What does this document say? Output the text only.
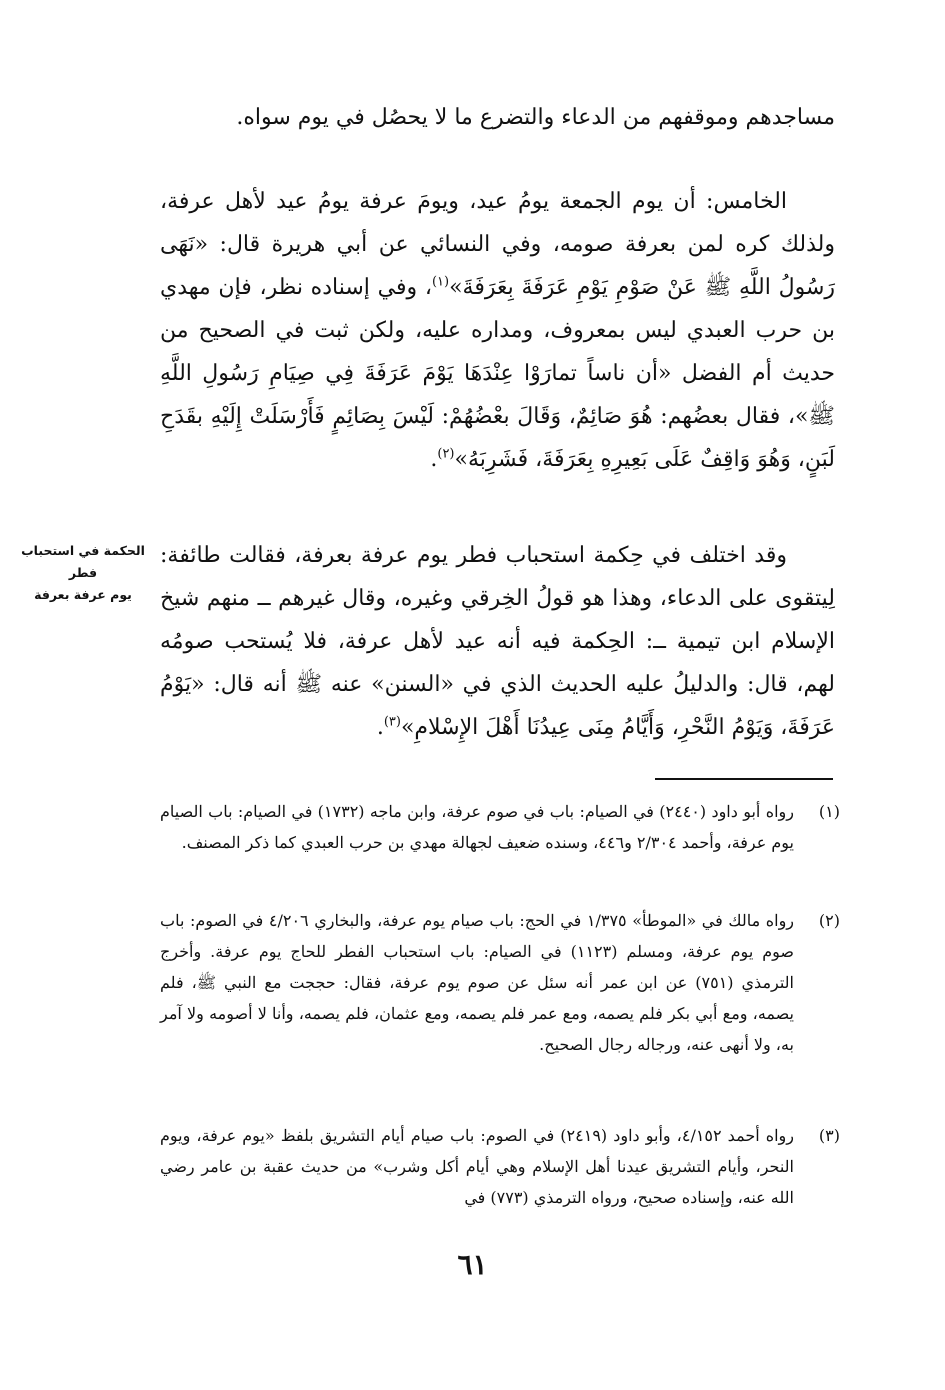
مساجدهم وموقفهم من الدعاء والتضرع ما لا يحصُل في يوم سواه.

الخامس: أن يوم الجمعة يومُ عيد، ويومَ عرفة يومُ عيد لأهل عرفة، ولذلك كره لمن بعرفة صومه، وفي النسائي عن أبي هريرة قال: «نَهَى رَسُولُ اللَّهِ ﷺ عَنْ صَوْمِ يَوْمِ عَرَفَةَ بِعَرَفَةَ»$^{(١)}$، وفي إسناده نظر، فإن مهدي بن حرب العبدي ليس بمعروف، ومداره عليه، ولكن ثبت في الصحيح من حديث أم الفضل «أن ناساً تمارَوْا عِنْدَهَا يَوْمَ عَرَفَةَ فِي صِيَامِ رَسُولِ اللَّهِ ﷺ»، فقال بعضُهم: هُوَ صَائِمٌ، وَقَالَ بعْضُهُمْ: لَيْسَ بِصَائِمٍ فَأَرْسَلَتْ إِلَيْهِ بقَدَحِ لَبَنٍ، وَهُوَ وَاقِفٌ عَلَى بَعِيرِهِ بِعَرَفَةَ، فَشَرِبَهُ»$^{(٢)}$.

الحكمة في استحباب فطر
يوم عرفة بعرفة

وقد اختلف في حِكمة استحباب فطر يوم عرفة بعرفة، فقالت طائفة: لِيتقوى على الدعاء، وهذا هو قولُ الخِرقي وغيره، وقال غيرهم ــ منهم شيخ الإسلام ابن تيمية ــ: الحِكمة فيه أنه عيد لأهل عرفة، فلا يُستحب صومُه لهم، قال: والدليلُ عليه الحديث الذي في «السنن» عنه ﷺ أنه قال: «يَوْمُ عَرَفَةَ، وَيَوْمُ النَّحْرِ، وَأَيَّامُ مِنَى عِيدُنَا أَهْلَ الإِسْلامِ»$^{(٣)}$.

(١)

رواه أبو داود (٢٤٤٠) في الصيام: باب في صوم عرفة، وابن ماجه (١٧٣٢) في الصيام: باب الصيام يوم عرفة، وأحمد ٢/٣٠٤ و٤٤٦، وسنده ضعيف لجهالة مهدي بن حرب العبدي كما ذكر المصنف.

(٢)

رواه مالك في «الموطأ» ١/٣٧٥ في الحج: باب صيام يوم عرفة، والبخاري ٤/٢٠٦ في الصوم: باب صوم يوم عرفة، ومسلم (١١٢٣) في الصيام: باب استحباب الفطر للحاج يوم عرفة. وأخرج الترمذي (٧٥١) عن ابن عمر أنه سئل عن صوم يوم عرفة، فقال: حججت مع النبي ﷺ، فلم يصمه، ومع أبي بكر فلم يصمه، ومع عمر فلم يصمه، ومع عثمان، فلم يصمه، وأنا لا أصومه ولا آمر به، ولا أنهى عنه، ورجاله رجال الصحيح.

(٣)

رواه أحمد ٤/١٥٢، وأبو داود (٢٤١٩) في الصوم: باب صيام أيام التشريق بلفظ «يوم عرفة، ويوم النحر، وأيام التشريق عيدنا أهل الإسلام وهي أيام أكل وشرب» من حديث عقبة بن عامر رضي الله عنه، وإسناده صحيح، ورواه الترمذي (٧٧٣) في

٦١
